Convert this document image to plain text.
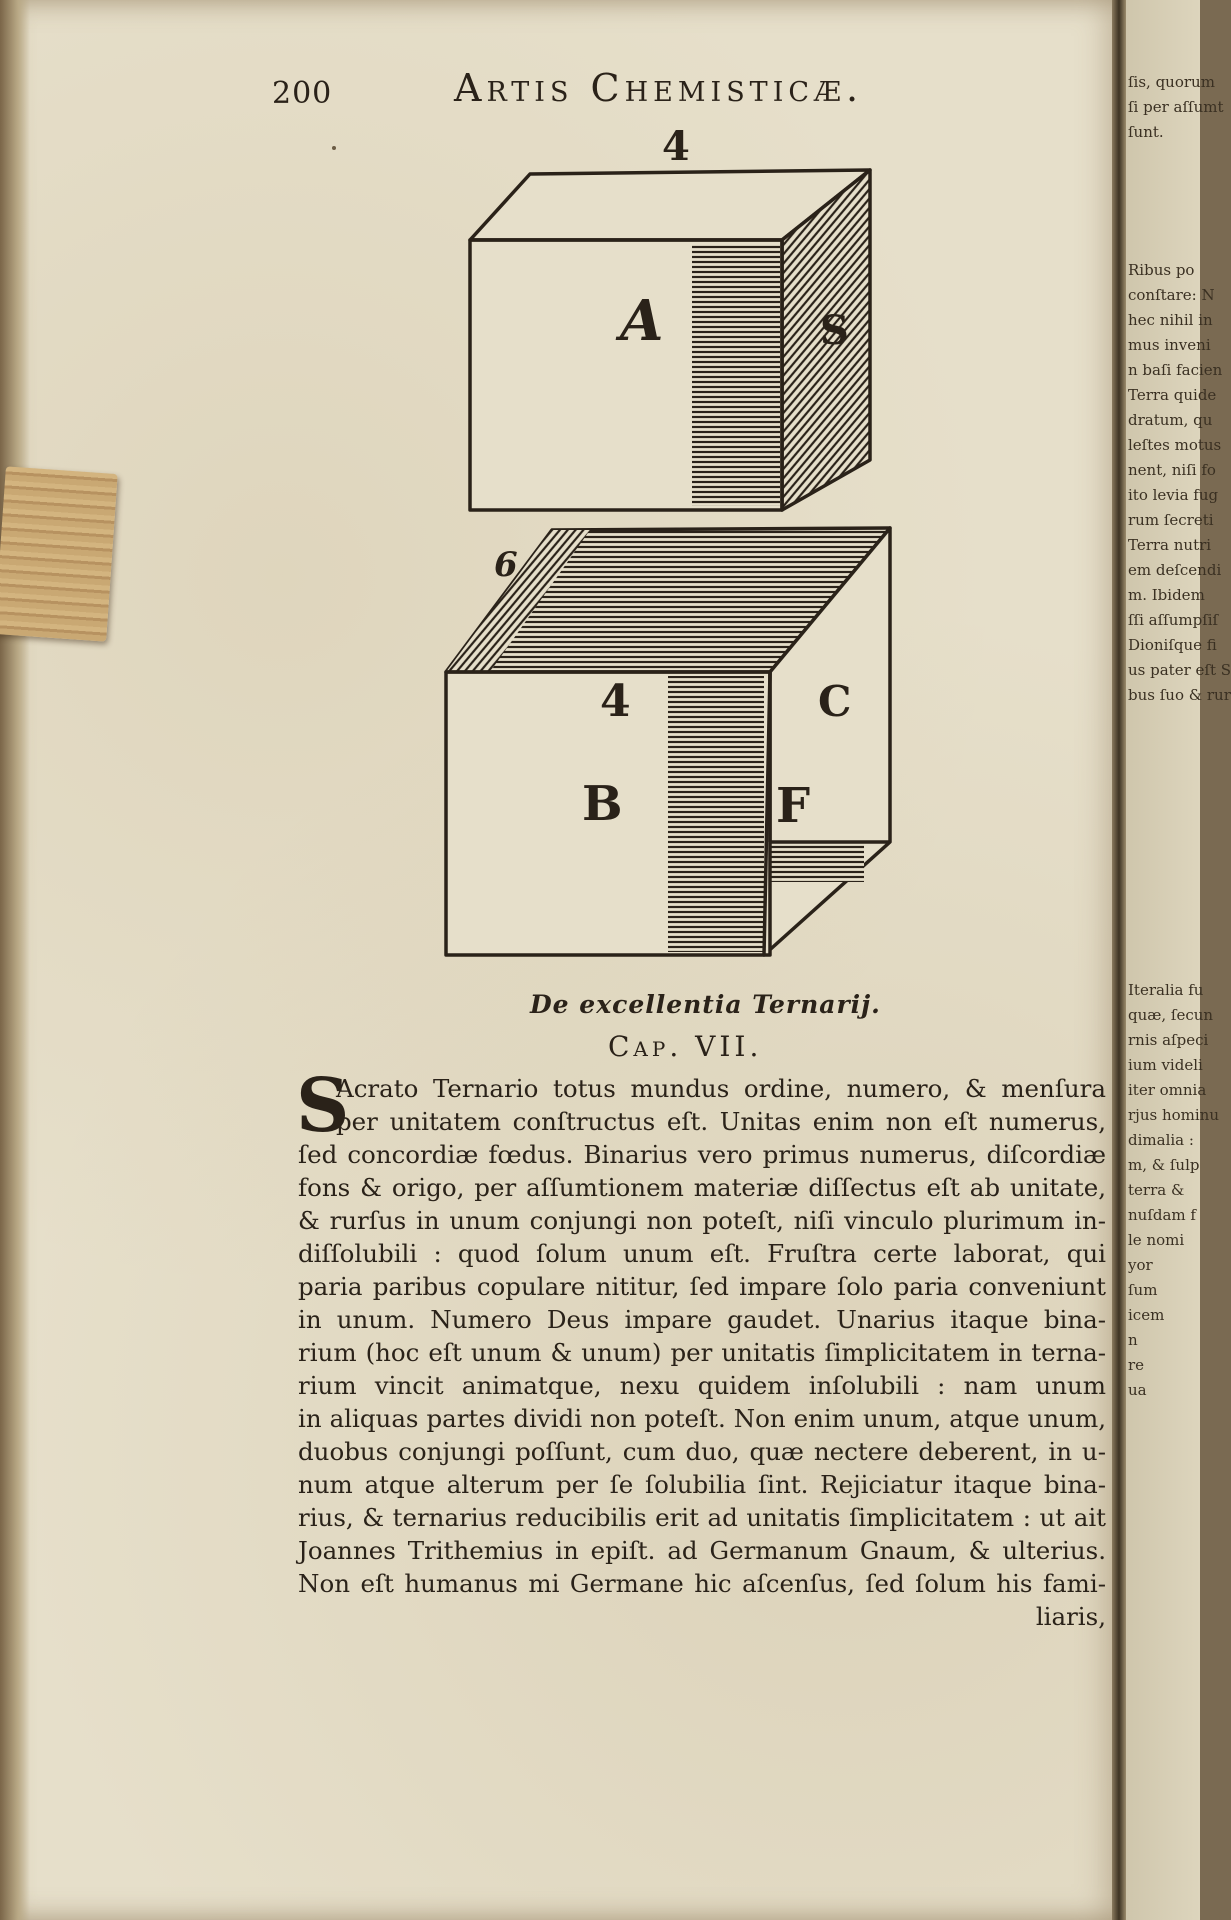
200	Artis Chemisticæ.
4
A	S
6
4
B
C
F
De excellentia Ternarij.
Cap. VII.
S
Acrato Ternario totus mundus ordine, numero, & menſura
per unitatem conſtructus eſt. Unitas enim non eſt numerus,
ſed concordiæ fœdus. Binarius vero primus numerus, diſcordiæ
fons & origo, per aſſumtionem materiæ diſſectus eſt ab unitate,
& rurſus in unum conjungi non poteſt, niſi vinculo plurimum in-
diſſolubili : quod ſolum unum eſt. Fruſtra certe laborat, qui
paria paribus copulare nititur, ſed impare ſolo paria conveniunt
in unum. Numero Deus impare gaudet. Unarius itaque bina-
rium (hoc eſt unum & unum) per unitatis ſimplicitatem in terna-
rium vincit animatque, nexu quidem inſolubili : nam unum
in aliquas partes dividi non poteſt. Non enim unum, atque unum,
duobus conjungi poſſunt, cum duo, quæ nectere deberent, in u-
num atque alterum per ſe ſolubilia ſint. Rejiciatur itaque bina-
rius, & ternarius reducibilis erit ad unitatis ſimplicitatem : ut ait
Joannes Trithemius in epiſt. ad Germanum Gnaum, & ulterius.
Non eſt humanus mi Germane hic aſcenſus, ſed ſolum his fami-
liaris,
ſis, quorum
ſi per aſſumt
ſunt.
Ribus po
conſtare: N
hec nihil in
mus inveni
n baſi facien
Terra quide
dratum, qu
leſtes motus
nent, niſi fo
ito levia fug
rum ſecreti
Terra nutri
em deſcendi
m. Ibidem
ſſi aſſumpſiſ
Dioniſque fi
us pater eſt S
bus ſuo & rur
Iteralia fu
quæ, ſecun
rnis aſpeci
ium videli
iter omnia
rjus hominu
dimalia :
m, & ſulp
terra &
nuſdam f
le nomi
yor
ſum
icem
n
re
ua
